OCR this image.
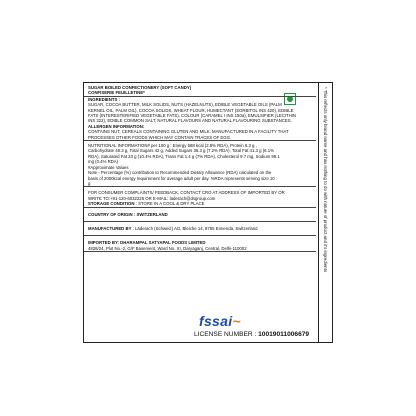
SUGAR BOILED CONFECTIONERY (SOFT CANDY)
CONFISERIE FEUILLETINE*
INGREDIENTS :
SUGAR, COCOA BUTTER, MILK SOLIDS, NUTS (HAZELNUTS), EDIBLE VEGETABLE OILS (PALM
KERNEL OIL, PALM OIL), COCOA SOLIDS, WHEAT FLOUR, HUMECTANT (SORBITOL INS 420), EDIBLE
FATS (INTERESTERIFIED VEGETABLE FATS), COLOUR (CARAMEL I INS 150a), EMULSIFIER (LECITHIN
INS 322), EDIBLE COMMON SALT, NATURAL FLAVOURS AND NATURAL FLAVOURING SUBSTANCES.
ALLERGEN INFORMATION:
CONTAINS NUT, CEREALS CONTAINING GLUTEN AND MILK. MANUFACTURED IN A FACILITY THAT
PROCESSES OTHER FOODS WHICH MAY CONTAIN TRACES OF EGG.
NUTRITIONAL INFORMATION# per 100 g : Energy 588 kcal (2.9% RDA), Protein 6.3 g ,
Carbohydrate 48.3 g, Total Sugars 42 g, Added Sugars 36.3 g (7.2% RDA), Total Fat 41.3 g (6.1%
RDA), Saturated Fat 23 g (10.4% RDA), Trans Fat 1.4 g (7% RDA), Cholesterol 9.7 mg, Sodium 99.1
mg (0.4% RDA)
#Approximate Values
Note - Percentage (%) contribution to Recommended Dietary Allowance (RDA) calculated on the
basis of 2000kcal energy requirement for average adult per day. %RDA represents serving size 10
g
FOR CONSUMER COMPLAINTS/ FEEDBACK, CONTACT CRO AT ADDRESS OF IMPORTED BY OR
WRITE TO:+91-120-6032225 OR E-MAIL: laderach@dsgroup.com
STORAGE CONDITION : STORE IN A COOL & DRY PLACE
COUNTRY OF ORIGIN : SWITZERLAND
MANUFACTURED BY : Läderach (Schweiz) AG, Bleiche 14, 8755 Ennenda, Switzerland
IMPORTED BY: DHARAMPAL SATYAPAL FOODS LIMITED
4828/24, Plot No.-2, G/F Basement, Ward No. XI, Daryaganj, Central, Delhi-110002
fssai~
LICENSE NUMBER : 10019011006679
* This reflects only brand name and has nothing to do with nature of product and it's ingredients
